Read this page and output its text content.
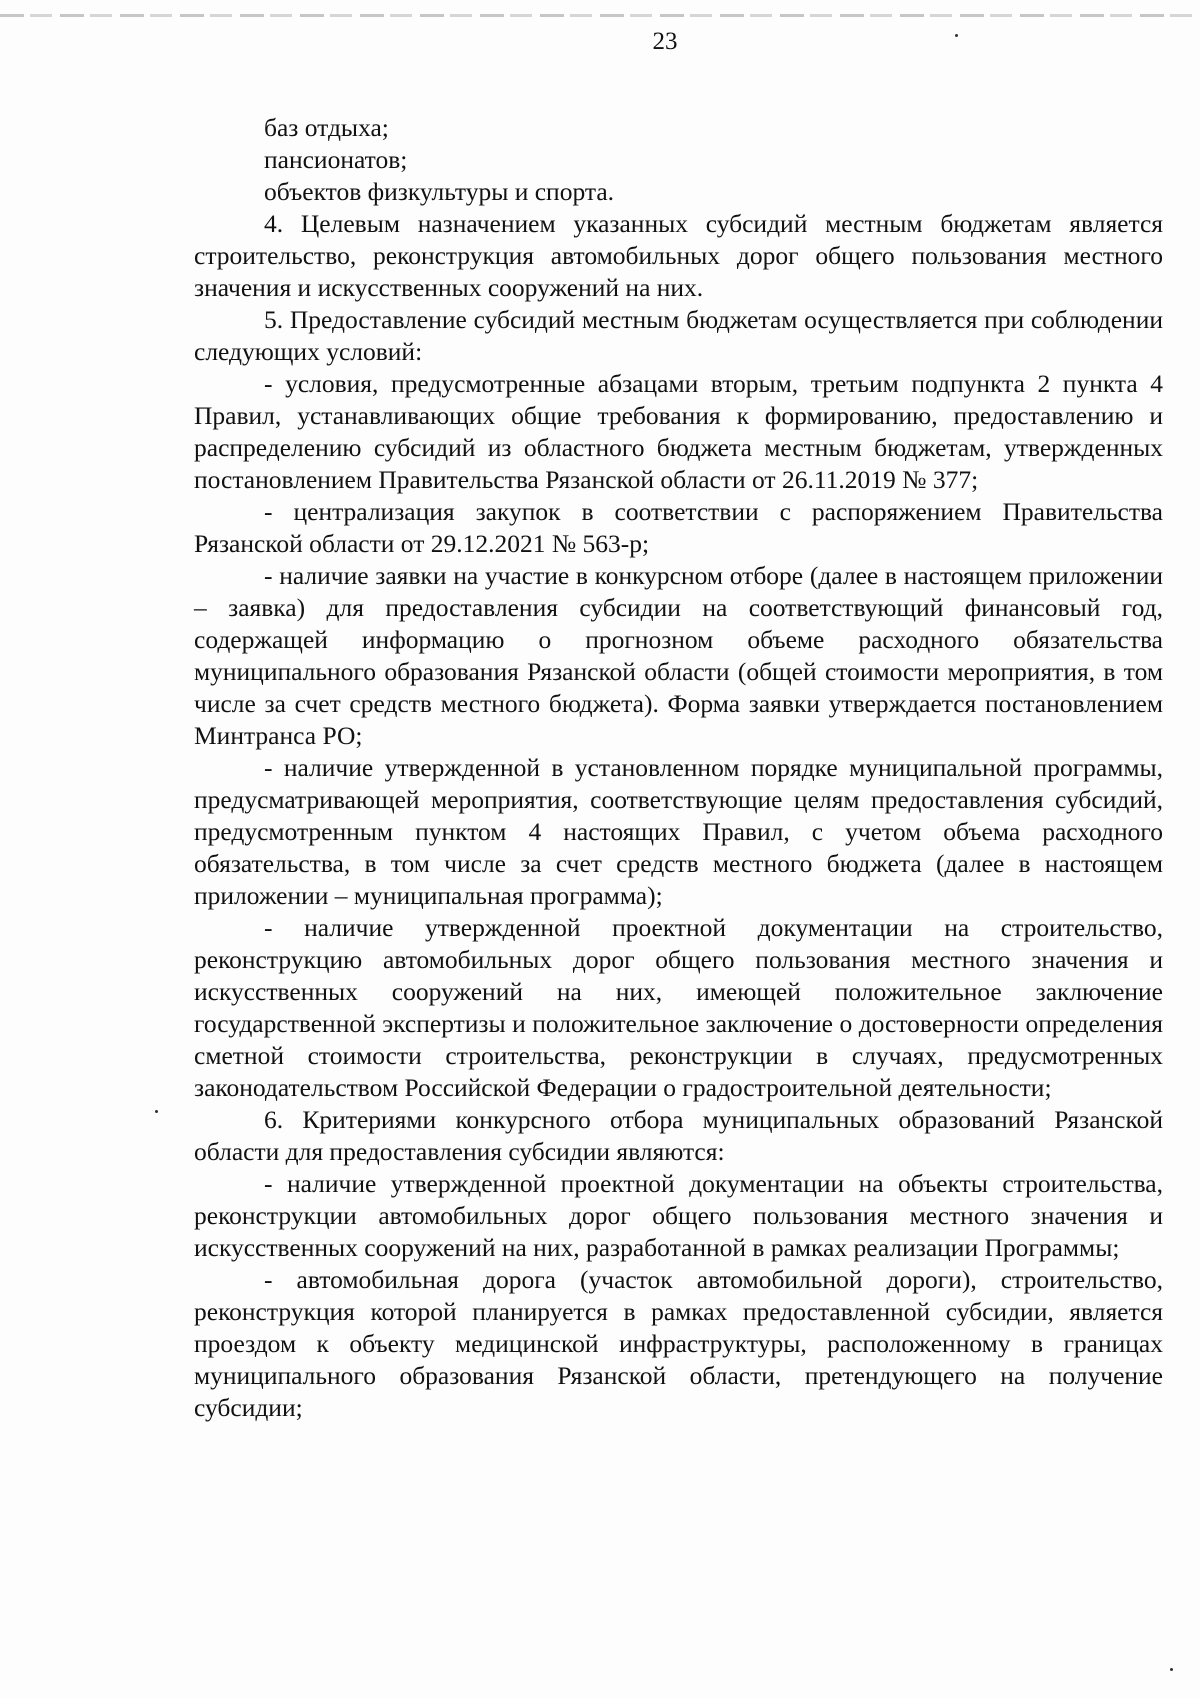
23

баз отдыха;

пансионатов;

объектов физкультуры и спорта.

4. Целевым назначением указанных субсидий местным бюджетам является строительство, реконструкция автомобильных дорог общего пользования местного значения и искусственных сооружений на них.

5. Предоставление субсидий местным бюджетам осуществляется при соблюдении следующих условий:

- условия, предусмотренные абзацами вторым, третьим подпункта 2 пункта 4 Правил, устанавливающих общие требования к формированию, предоставлению и распределению субсидий из областного бюджета местным бюджетам, утвержденных постановлением Правительства Рязанской области от 26.11.2019 № 377;

- централизация закупок в соответствии с распоряжением Правительства Рязанской области от 29.12.2021 № 563-р;

- наличие заявки на участие в конкурсном отборе (далее в настоящем приложении – заявка) для предоставления субсидии на соответствующий финансовый год, содержащей информацию о прогнозном объеме расходного обязательства муниципального образования Рязанской области (общей стоимости мероприятия, в том числе за счет средств местного бюджета). Форма заявки утверждается постановлением Минтранса РО;

- наличие утвержденной в установленном порядке муниципальной программы, предусматривающей мероприятия, соответствующие целям предоставления субсидий, предусмотренным пунктом 4 настоящих Правил, с учетом объема расходного обязательства, в том числе за счет средств местного бюджета (далее в настоящем приложении – муниципальная программа);

- наличие утвержденной проектной документации на строительство, реконструкцию автомобильных дорог общего пользования местного значения и искусственных сооружений на них, имеющей положительное заключение государственной экспертизы и положительное заключение о достоверности определения сметной стоимости строительства, реконструкции в случаях, предусмотренных законодательством Российской Федерации о градостроительной деятельности;

6. Критериями конкурсного отбора муниципальных образований Рязанской области для предоставления субсидии являются:

- наличие утвержденной проектной документации на объекты строительства, реконструкции автомобильных дорог общего пользования местного значения и искусственных сооружений на них, разработанной в рамках реализации Программы;

- автомобильная дорога (участок автомобильной дороги), строительство, реконструкция которой планируется в рамках предоставленной субсидии, является проездом к объекту медицинской инфраструктуры, расположенному в границах муниципального образования Рязанской области, претендующего на получение субсидии;
